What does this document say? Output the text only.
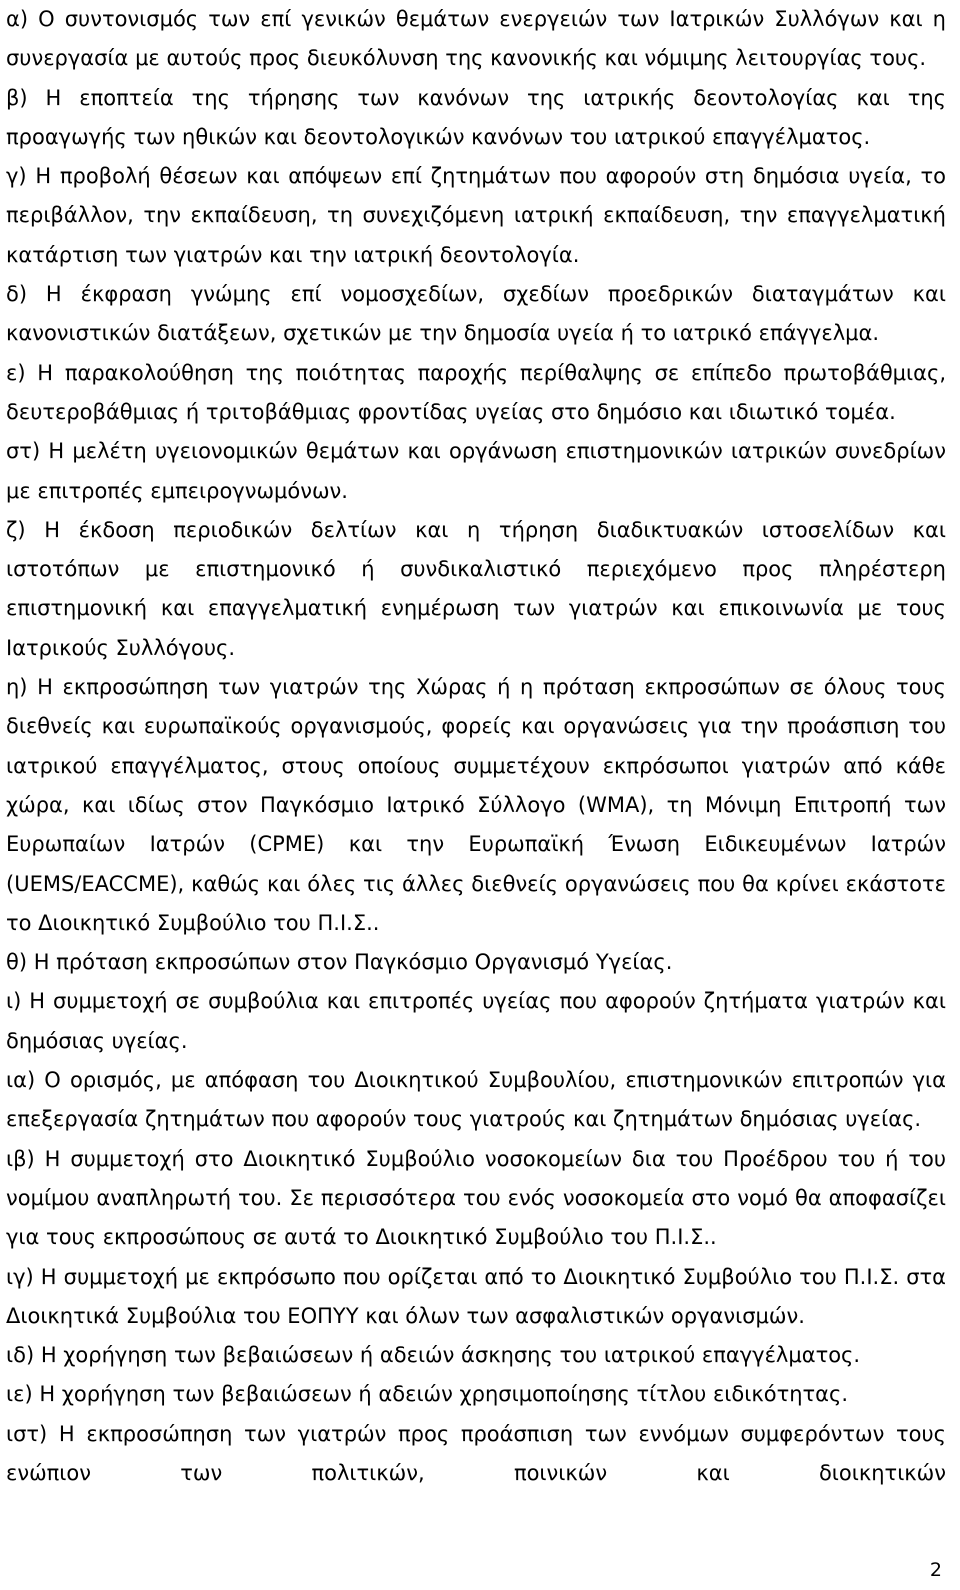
α) Ο συντονισμός των επί γενικών θεμάτων ενεργειών των Ιατρικών Συλλόγων και η συνεργασία με αυτούς προς διευκόλυνση της κανονικής και νόμιμης λειτουργίας τους.

β) Η εποπτεία της τήρησης των κανόνων της ιατρικής δεοντολογίας και της προαγωγής των ηθικών και δεοντολογικών κανόνων του ιατρικού επαγγέλματος.

γ) Η προβολή θέσεων και απόψεων επί ζητημάτων που αφορούν στη δημόσια υγεία, το περιβάλλον, την εκπαίδευση, τη συνεχιζόμενη ιατρική εκπαίδευση, την επαγγελματική κατάρτιση των γιατρών και την ιατρική δεοντολογία.

δ) Η έκφραση γνώμης επί νομοσχεδίων, σχεδίων προεδρικών διαταγμάτων και κανονιστικών διατάξεων, σχετικών με την δημοσία υγεία ή το ιατρικό επάγγελμα.

ε) Η παρακολούθηση της ποιότητας παροχής περίθαλψης σε επίπεδο πρωτοβάθμιας, δευτεροβάθμιας ή τριτοβάθμιας φροντίδας υγείας στο δημόσιο και ιδιωτικό τομέα.

στ) Η μελέτη υγειονομικών θεμάτων και οργάνωση επιστημονικών ιατρικών συνεδρίων με επιτροπές εμπειρογνωμόνων.

ζ) Η έκδοση περιοδικών δελτίων και η τήρηση διαδικτυακών ιστοσελίδων και ιστοτόπων με επιστημονικό ή συνδικαλιστικό περιεχόμενο προς πληρέστερη επιστημονική και επαγγελματική ενημέρωση των γιατρών και επικοινωνία με τους Ιατρικούς Συλλόγους.

η) Η εκπροσώπηση των γιατρών της Χώρας ή η πρόταση εκπροσώπων σε όλους τους διεθνείς και ευρωπαϊκούς οργανισμούς, φορείς και οργανώσεις για την προάσπιση του ιατρικού επαγγέλματος, στους οποίους συμμετέχουν εκπρόσωποι γιατρών από κάθε χώρα, και ιδίως στον Παγκόσμιο Ιατρικό Σύλλογο (WMA), τη Μόνιμη Επιτροπή των Ευρωπαίων Ιατρών (CPME) και την Ευρωπαϊκή Ένωση Ειδικευμένων Ιατρών (UEMS/EACCME), καθώς και όλες τις άλλες διεθνείς οργανώσεις που θα κρίνει εκάστοτε το Διοικητικό Συμβούλιο του Π.Ι.Σ..

θ) Η πρόταση εκπροσώπων στον Παγκόσμιο Οργανισμό Υγείας.

ι) Η συμμετοχή σε συμβούλια και επιτροπές υγείας που αφορούν ζητήματα γιατρών και δημόσιας υγείας.

ια) Ο ορισμός, με απόφαση του Διοικητικού Συμβουλίου, επιστημονικών επιτροπών για επεξεργασία ζητημάτων που αφορούν τους γιατρούς και ζητημάτων δημόσιας υγείας.

ιβ) Η συμμετοχή στο Διοικητικό Συμβούλιο νοσοκομείων δια του Προέδρου του ή του νομίμου αναπληρωτή του. Σε περισσότερα του ενός νοσοκομεία στο νομό θα αποφασίζει για τους εκπροσώπους σε αυτά το Διοικητικό Συμβούλιο του Π.Ι.Σ..

ιγ) Η συμμετοχή με εκπρόσωπο που ορίζεται από το Διοικητικό Συμβούλιο του Π.Ι.Σ. στα Διοικητικά Συμβούλια του ΕΟΠΥΥ και όλων των ασφαλιστικών οργανισμών.

ιδ) Η χορήγηση των βεβαιώσεων ή αδειών άσκησης του ιατρικού επαγγέλματος.

ιε) Η χορήγηση των βεβαιώσεων ή αδειών χρησιμοποίησης τίτλου ειδικότητας.

ιστ) Η εκπροσώπηση των γιατρών προς προάσπιση των εννόμων συμφερόντων τους ενώπιον των πολιτικών, ποινικών και διοικητικών

2
